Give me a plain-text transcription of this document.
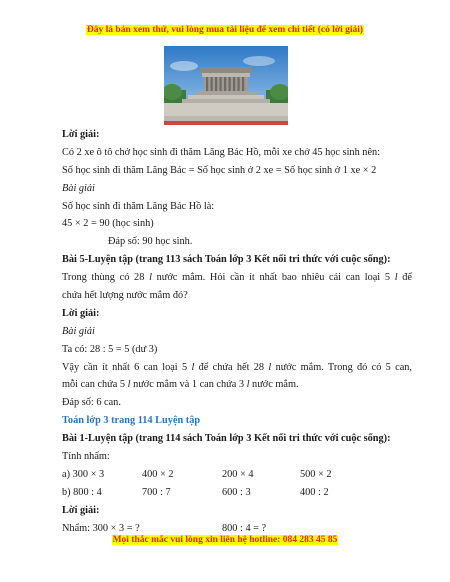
Đây là bản xem thử, vui lòng mua tài liệu để xem chi tiết (có lời giải)
Lời giải:
Có 2 xe ô tô chở học sinh đi thăm Lăng Bác Hồ, mỗi xe chở 45 học sinh nên:
Số học sinh đi thăm Lăng Bác = Số học sinh ở 2 xe = Số học sinh ở 1 xe × 2
Bài giải
Số học sinh đi thăm Lăng Bác Hồ là:
45 × 2 = 90 (học sinh)
Đáp số: 90 học sinh.
Bài 5-Luyện tập (trang 113 sách Toán lớp 3 Kết nối tri thức với cuộc sống):
Trong thùng có 28 l nước mắm. Hỏi cần ít nhất bao nhiêu cái can loại 5 l để
chứa hết lượng nước mắm đó?
Lời giải:
Bài giải
Ta có: 28 : 5 = 5 (dư 3)
Vậy cần ít nhất 6 can loại 5 l để chứa hết 28 l nước mắm. Trong đó có 5 can,
mỗi can chứa 5 l nước mắm và 1 can chứa 3 l nước mắm.
Đáp số: 6 can.
Toán lớp 3 trang 114 Luyện tập
Bài 1-Luyện tập (trang 114 sách Toán lớp 3 Kết nối tri thức với cuộc sống):
Tính nhẩm:
a) 300 × 3	400 × 2	200 × 4	500 × 2
b) 800 : 4	700 : 7	600 : 3	400 : 2
Lời giải:
Nhẩm: 300 × 3 = ?	800 : 4 = ?
Mọi thắc mắc vui lòng xin liên hệ hotline: 084 283 45 85
